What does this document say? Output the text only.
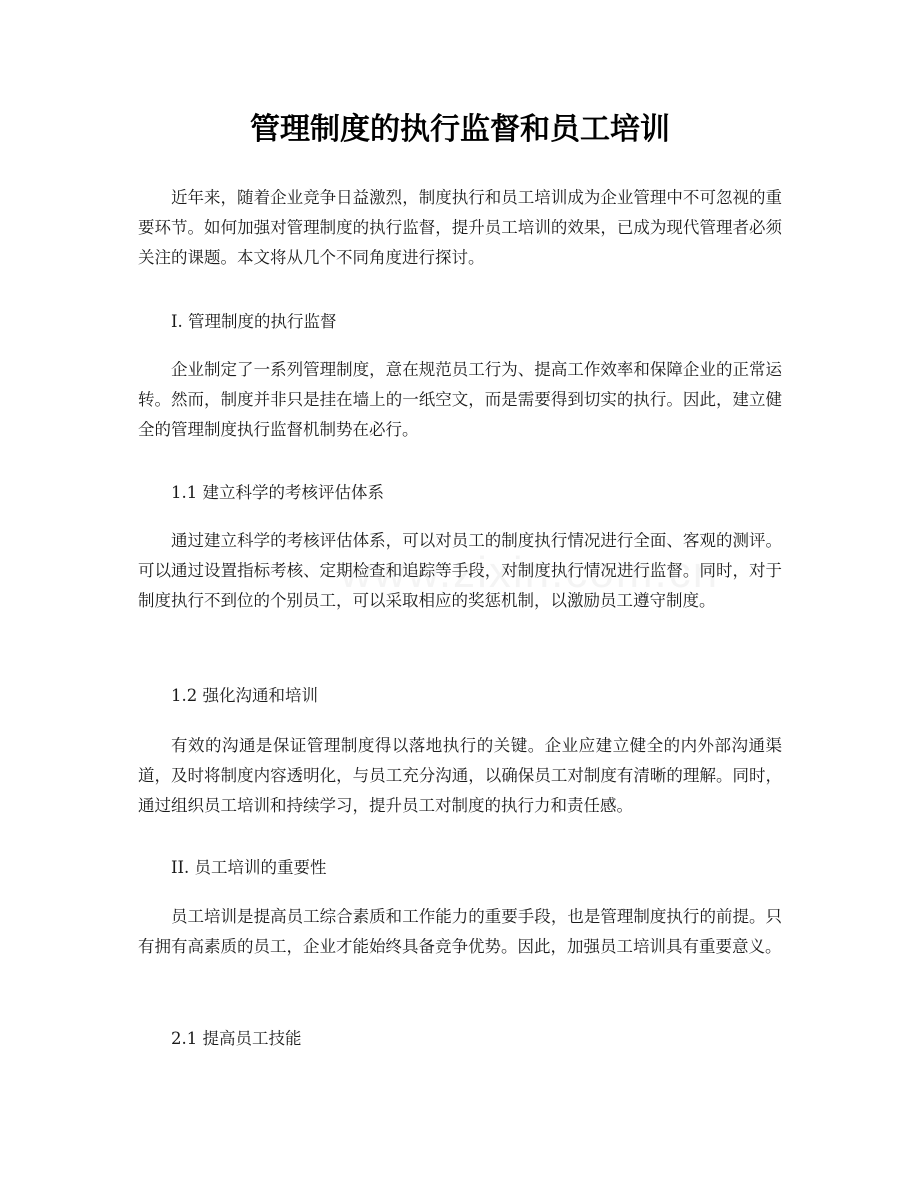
管理制度的执行监督和员工培训

近年来，随着企业竞争日益激烈，制度执行和员工培训成为企业管理中不可忽视的重要环节。如何加强对管理制度的执行监督，提升员工培训的效果，已成为现代管理者必须关注的课题。本文将从几个不同角度进行探讨。

I. 管理制度的执行监督

企业制定了一系列管理制度，意在规范员工行为、提高工作效率和保障企业的正常运转。然而，制度并非只是挂在墙上的一纸空文，而是需要得到切实的执行。因此，建立健全的管理制度执行监督机制势在必行。

1.1 建立科学的考核评估体系

通过建立科学的考核评估体系，可以对员工的制度执行情况进行全面、客观的测评。可以通过设置指标考核、定期检查和追踪等手段，对制度执行情况进行监督。同时，对于制度执行不到位的个别员工，可以采取相应的奖惩机制，以激励员工遵守制度。

1.2 强化沟通和培训

有效的沟通是保证管理制度得以落地执行的关键。企业应建立健全的内外部沟通渠道，及时将制度内容透明化，与员工充分沟通，以确保员工对制度有清晰的理解。同时，通过组织员工培训和持续学习，提升员工对制度的执行力和责任感。

II. 员工培训的重要性

员工培训是提高员工综合素质和工作能力的重要手段，也是管理制度执行的前提。只有拥有高素质的员工，企业才能始终具备竞争优势。因此，加强员工培训具有重要意义。

2.1 提高员工技能
